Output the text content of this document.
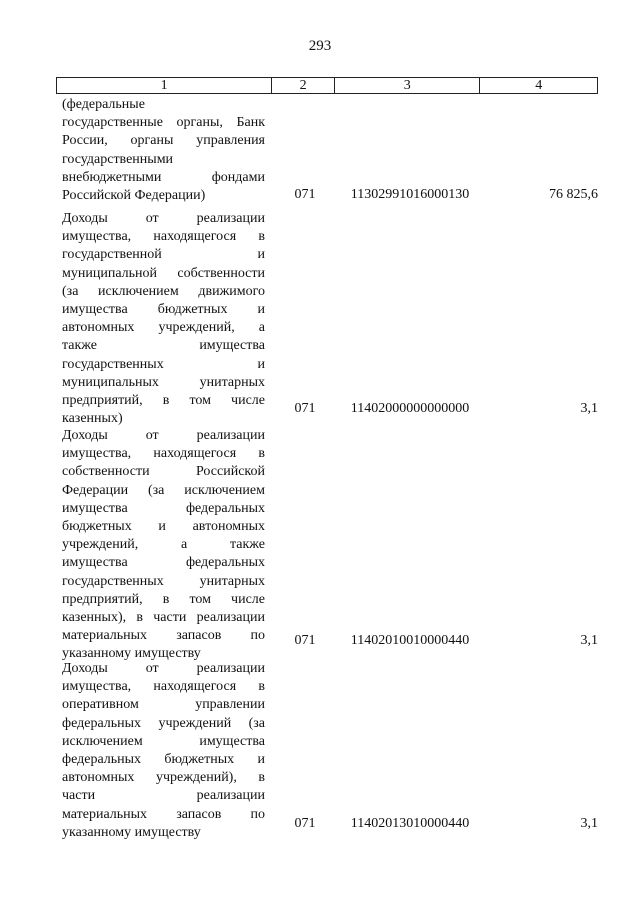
293
1	2	3	4
(федеральные
государственные органы, Банк
России, органы управления
государственными
внебюджетными фондами
Российской Федерации)	071	11302991016000130	76 825,6
Доходы от реализации
имущества, находящегося в
государственной и
муниципальной собственности
(за исключением движимого
имущества бюджетных и
автономных учреждений, а
также имущества
государственных и
муниципальных унитарных
предприятий, в том числе
казенных)
071	11402000000000000	3,1
Доходы от реализации
имущества, находящегося в
собственности Российской
Федерации (за исключением
имущества федеральных
бюджетных и автономных
учреждений, а также
имущества федеральных
государственных унитарных
предприятий, в том числе
казенных), в части реализации
материальных запасов по
указанному имуществу
071	11402010010000440	3,1
Доходы от реализации
имущества, находящегося в
оперативном управлении
федеральных учреждений (за
исключением имущества
федеральных бюджетных и
автономных учреждений), в
части реализации
материальных запасов по
указанному имуществу
071	11402013010000440	3,1
